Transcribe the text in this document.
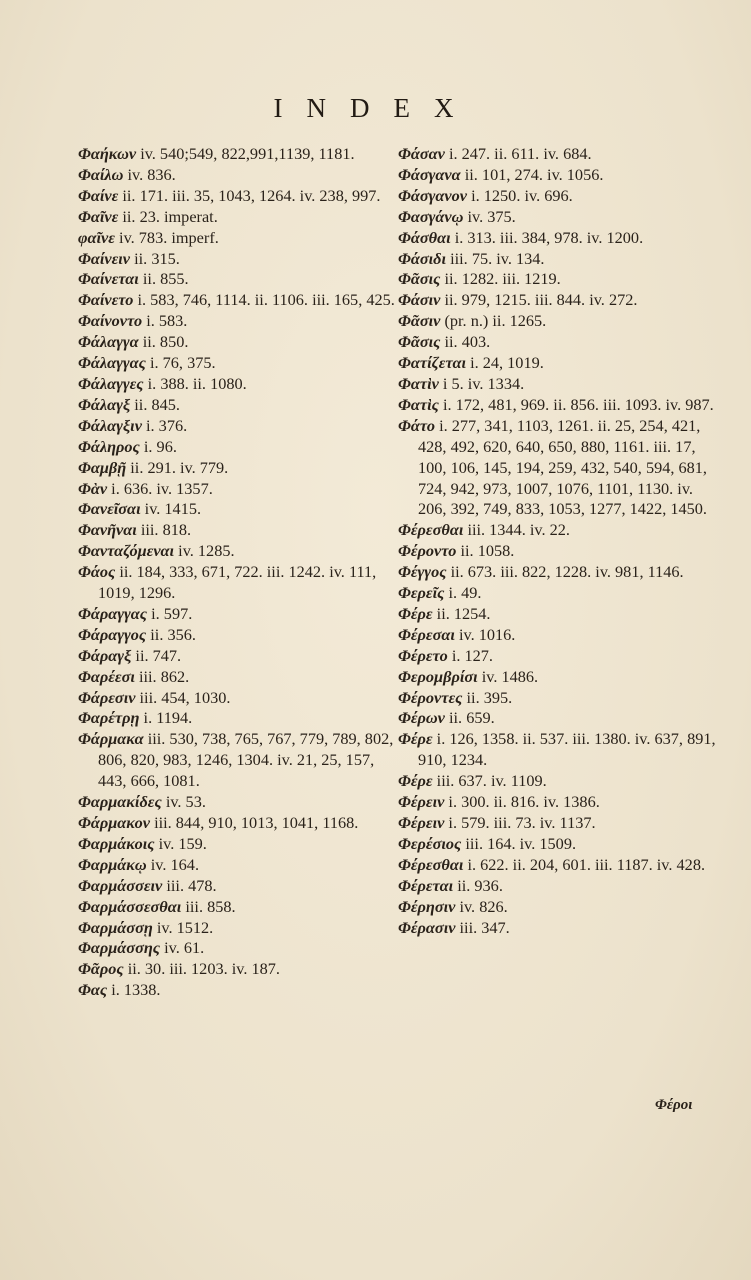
INDEX

Φαήκων iv. 540;549, 822,991,1139, 1181.

Φαίλω iv. 836.

Φαίνε ii. 171. iii. 35, 1043, 1264. iv. 238, 997.

Φαῖνε ii. 23. imperat.

φαῖνε iv. 783. imperf.

Φαίνειν ii. 315.

Φαίνεται ii. 855.

Φαίνετο i. 583, 746, 1114. ii. 1106. iii. 165, 425.

Φαίνοντο i. 583.

Φάλαγγα ii. 850.

Φάλαγγας i. 76, 375.

Φάλαγγες i. 388. ii. 1080.

Φάλαγξ ii. 845.

Φάλαγξιν i. 376.

Φάληρος i. 96.

Φαμβῇ ii. 291. iv. 779.

Φὰν i. 636. iv. 1357.

Φανεῖσαι iv. 1415.

Φανῆναι iii. 818.

Φανταζόμεναι iv. 1285.

Φάος ii. 184, 333, 671, 722. iii. 1242. iv. 111, 1019, 1296.

Φάραγγας i. 597.

Φάραγγος ii. 356.

Φάραγξ ii. 747.

Φαρέεσι iii. 862.

Φάρεσιν iii. 454, 1030.

Φαρέτρῃ i. 1194.

Φάρμακα iii. 530, 738, 765, 767, 779, 789, 802, 806, 820, 983, 1246, 1304. iv. 21, 25, 157, 443, 666, 1081.

Φαρμακίδες iv. 53.

Φάρμακον iii. 844, 910, 1013, 1041, 1168.

Φαρμάκοις iv. 159.

Φαρμάκῳ iv. 164.

Φαρμάσσειν iii. 478.

Φαρμάσσεσθαι iii. 858.

Φαρμάσσῃ iv. 1512.

Φαρμάσσης iv. 61.

Φᾶρος ii. 30. iii. 1203. iv. 187.

Φας i. 1338.

Φάσαν i. 247. ii. 611. iv. 684.

Φάσγανα ii. 101, 274. iv. 1056.

Φάσγανον i. 1250. iv. 696.

Φασγάνῳ iv. 375.

Φάσθαι i. 313. iii. 384, 978. iv. 1200.

Φάσιδι iii. 75. iv. 134.

Φᾶσις ii. 1282. iii. 1219.

Φάσιν ii. 979, 1215. iii. 844. iv. 272.

Φᾶσιν (pr. n.) ii. 1265.

Φᾶσις ii. 403.

Φατίζεται i. 24, 1019.

Φατὶν i 5. iv. 1334.

Φατὶς i. 172, 481, 969. ii. 856. iii. 1093. iv. 987.

Φάτο i. 277, 341, 1103, 1261. ii. 25, 254, 421, 428, 492, 620, 640, 650, 880, 1161. iii. 17, 100, 106, 145, 194, 259, 432, 540, 594, 681, 724, 942, 973, 1007, 1076, 1101, 1130. iv. 206, 392, 749, 833, 1053, 1277, 1422, 1450.

Φέρεσθαι iii. 1344. iv. 22.

Φέροντο ii. 1058.

Φέγγος ii. 673. iii. 822, 1228. iv. 981, 1146.

Φερεῖς i. 49.

Φέρε ii. 1254.

Φέρεσαι iv. 1016.

Φέρετο i. 127.

Φερομβρίσι iv. 1486.

Φέροντες ii. 395.

Φέρων ii. 659.

Φέρε i. 126, 1358. ii. 537. iii. 1380. iv. 637, 891, 910, 1234.

Φέρε iii. 637. iv. 1109.

Φέρειν i. 300. ii. 816. iv. 1386.

Φέρειν i. 579. iii. 73. iv. 1137.

Φερέσιος iii. 164. iv. 1509.

Φέρεσθαι i. 622. ii. 204, 601. iii. 1187. iv. 428.

Φέρεται ii. 936.

Φέρησιν iv. 826.

Φέρασιν iii. 347.

Φέροι
